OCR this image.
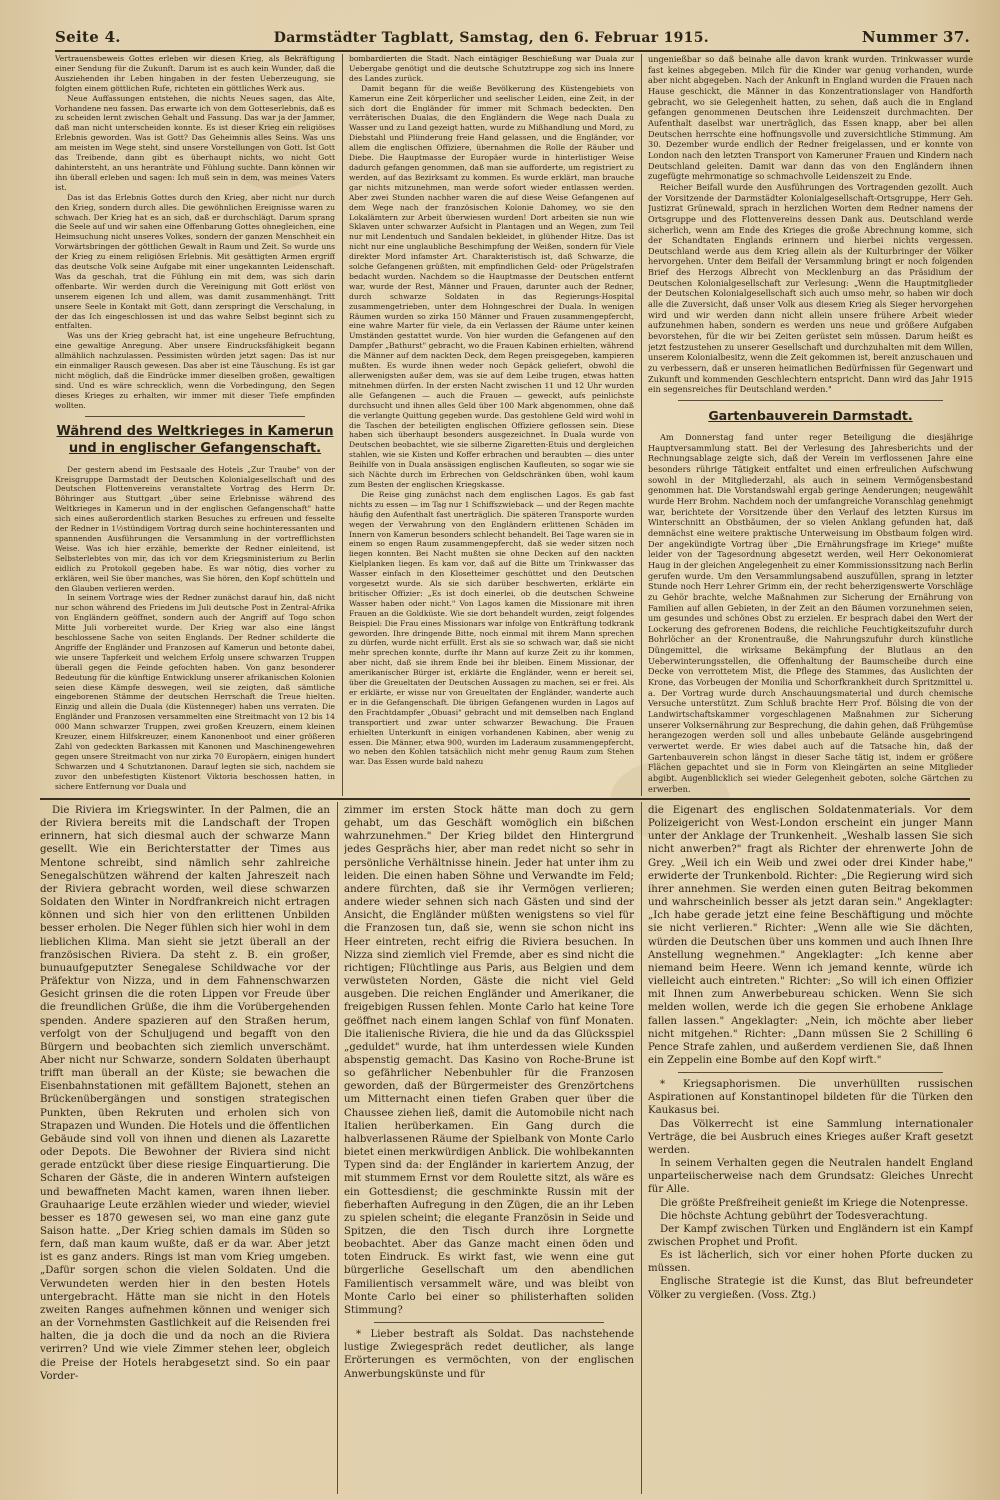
Seite 4.	Darmstädter Tagblatt, Samstag, den 6. Februar 1915.	Nummer 37.

Vertrauensbeweis Gottes erleben wir diesen Krieg, als Bekräftigung einer Sendung für die Zukunft. Darum ist es auch kein Wunder, daß die Ausziehenden ihr Leben hingaben in der festen Ueberzeugung, sie folgten einem göttlichen Rufe, richteten ein göttliches Werk aus.

Neue Auffassungen entstehen, die nichts Neues sagen, das Alte, Vorhandene neu fassen. Das erwarte ich von dem Gotteserlebnis, daß es zu scheiden lernt zwischen Gehalt und Fassung. Das war ja der Jammer, daß man nicht unterscheiden konnte. Es ist dieser Krieg ein religiöses Erlebnis geworden. Was ist Gott? Das Geheimnis alles Seins. Was uns am meisten im Wege steht, sind unsere Vorstellungen von Gott. Ist Gott das Treibende, dann gibt es überhaupt nichts, wo nicht Gott dahintersteht, an uns heranträte und Fühlung suchte. Dann können wir ihn überall erleben und sagen: Ich muß sein in dem, was meines Vaters ist.

Das ist das Erlebnis Gottes durch den Krieg, aber nicht nur durch den Krieg, sondern durch alles. Die gewöhnlichen Ereignisse waren zu schwach. Der Krieg hat es an sich, daß er durchschlägt. Darum sprang die Seele auf und wir sahen eine Offenbarung Gottes ohnegleichen, eine Heimsuchung nicht unseres Volkes, sondern der ganzen Menschheit ein Vorwärtsbringen der göttlichen Gewalt in Raum und Zeit. So wurde uns der Krieg zu einem religiösen Erlebnis. Mit gesättigten Armen ergriff das deutsche Volk seine Aufgabe mit einer ungekannten Leidenschaft. Was da geschah, trat die Fühlung ein mit dem, was sich darin offenbarte. Wir werden durch die Vereinigung mit Gott erlöst von unserem eigenen Ich und allem, was damit zusammenhängt. Tritt unsere Seele in Kontakt mit Gott, dann zerspringt die Verschalung, in der das Ich eingeschlossen ist und das wahre Selbst beginnt sich zu entfalten.

Was uns der Krieg gebracht hat, ist eine ungeheure Befruchtung, eine gewaltige Anregung. Aber unsere Eindrucksfähigkeit begann allmählich nachzulassen. Pessimisten würden jetzt sagen: Das ist nur ein einmaliger Rausch gewesen. Das aber ist eine Täuschung. Es ist gar nicht möglich, daß die Eindrücke immer dieselben großen, gewaltigen sind. Und es wäre schrecklich, wenn die Vorbedingung, den Segen dieses Krieges zu erhalten, wir immer mit dieser Tiefe empfinden wollten.

Während des Weltkrieges in Kamerun und in englischer Gefangenschaft.

Der gestern abend im Festsaale des Hotels „Zur Traube" von der Kreisgruppe Darmstadt der Deutschen Kolonialgesellschaft und des Deutschen Flottenvereins veranstaltete Vortrag des Herrn Dr. Böhringer aus Stuttgart „über seine Erlebnisse während des Weltkrieges in Kamerun und in der englischen Gefangenschaft" hatte sich eines außerordentlich starken Besuches zu erfreuen und fesselte der Redner in 1½stündigem Vortrag durch seine hochinteressanten und spannenden Ausführungen die Versammlung in der vortrefflichsten Weise. Was ich hier erzähle, bemerkte der Redner einleitend, ist Selbsterlebtes von mir, das ich vor dem Kriegsministerium zu Berlin eidlich zu Protokoll gegeben habe. Es war nötig, dies vorher zu erklären, weil Sie über manches, was Sie hören, den Kopf schütteln und den Glauben verlieren werden.

In seinem Vortrage wies der Redner zunächst darauf hin, daß nicht nur schon während des Friedens im Juli deutsche Post in Zentral-Afrika von Engländern geöffnet, sondern auch der Angriff auf Togo schon Mitte Juli vorbereitet wurde. Der Krieg war also eine längst beschlossene Sache von seiten Englands. Der Redner schilderte die Angriffe der Engländer und Franzosen auf Kamerun und betonte dabei, wie unsere Tapferkeit und welchem Erfolg unsere schwarzen Truppen überall gegen die Feinde gefochten haben. Von ganz besonderer Bedeutung für die künftige Entwicklung unserer afrikanischen Kolonien seien diese Kämpfe deswegen, weil sie zeigten, daß sämtliche eingeborenen Stämme der deutschen Herrschaft die Treue hielten. Einzig und allein die Duala (die Küstenneger) haben uns verraten. Die Engländer und Franzosen versammelten eine Streitmacht von 12 bis 14 000 Mann schwarzer Truppen, zwei großen Kreuzern, einem kleinen Kreuzer, einem Hilfskreuzer, einem Kanonenboot und einer größeren Zahl von gedeckten Barkassen mit Kanonen und Maschinengewehren gegen unsere Streitmacht von nur zirka 70 Europäern, einigen hundert Schwarzen und 4 Schutztanonen. Darauf legten sie sich, nachdem sie zuvor den unbefestigten Küstenort Viktoria beschossen hatten, in sichere Entfernung vor Duala und

bombardierten die Stadt. Nach eintägiger Beschießung war Duala zur Uebergabe genötigt und die deutsche Schutztruppe zog sich ins Innere des Landes zurück.

Damit begann für die weiße Bevölkerung des Küstengebiets von Kamerun eine Zeit körperlicher und seelischer Leiden, eine Zeit, in der sich dort die Engländer für immer mit Schmach bedeckten. Den verräterischen Dualas, die den Engländern die Wege nach Duala zu Wasser und zu Land gezeigt hatten, wurde zu Mißhandlung und Mord, zu Diebstahl und Plünderung freie Hand gelassen, und die Engländer, vor allem die englischen Offiziere, übernahmen die Rolle der Räuber und Diebe. Die Hauptmasse der Europäer wurde in hinterlistiger Weise dadurch gefangen genommen, daß man sie aufforderte, um registriert zu werden, auf das Bezirksamt zu kommen. Es wurde erklärt, man brauche gar nichts mitzunehmen, man werde sofort wieder entlassen werden. Aber zwei Stunden nachher waren die auf diese Weise Gefangenen auf dem Wege nach der französischen Kolonie Dahomey, wo sie den Lokalämtern zur Arbeit überwiesen wurden! Dort arbeiten sie nun wie Sklaven unter schwarzer Aufsicht in Plantagen und an Wegen, zum Teil nur mit Lendentuch und Sandalen bekleidet, in glühender Hitze. Das ist nicht nur eine unglaubliche Beschimpfung der Weißen, sondern für Viele direkter Mord infamster Art. Charakteristisch ist, daß Schwarze, die solche Gefangenen grüßten, mit empfindlichen Geld- oder Prügelstrafen bedacht wurden. Nachdem so die Hauptmasse der Deutschen entfernt war, wurde der Rest, Männer und Frauen, darunter auch der Redner, durch schwarze Soldaten in das Regierungs-Hospital zusammengetrieben, unter dem Hohngeschrei der Duala. In wenigen Räumen wurden so zirka 150 Männer und Frauen zusammengepfercht, eine wahre Marter für viele, da ein Verlassen der Räume unter keinen Umständen gestattet wurde. Von hier wurden die Gefangenen auf den Dampfer „Bathurst" gebracht, wo die Frauen Kabinen erhielten, während die Männer auf dem nackten Deck, dem Regen preisgegeben, kampieren mußten. Es wurde ihnen weder noch Gepäck geliefert, obwohl die allerwenigsten außer dem, was sie auf dem Leibe trugen, etwas hatten mitnehmen dürfen. In der ersten Nacht zwischen 11 und 12 Uhr wurden alle Gefangenen — auch die Frauen — geweckt, aufs peinlichste durchsucht und ihnen alles Geld über 100 Mark abgenommen, ohne daß die verlangte Quittung gegeben wurde. Das gestohlene Geld wird wohl in die Taschen der beteiligten englischen Offiziere geflossen sein. Diese haben sich überhaupt besonders ausgezeichnet. In Duala wurde von Deutschen beobachtet, wie sie silberne Zigaretten-Etuis und dergleichen stahlen, wie sie Kisten und Koffer erbrachen und beraubten — dies unter Beihilfe von in Duala ansässigen englischen Kaufleuten, so sogar wie sie sich Nächte durch im Erbrechen von Geldschränken üben, wohl kaum zum Besten der englischen Kriegskasse.

Die Reise ging zunächst nach dem englischen Lagos. Es gab fast nichts zu essen — im Tag nur 1 Schiffszwieback — und der Regen machte häufig den Aufenthalt fast unerträglich. Die späteren Transporte wurden wegen der Verwahrung von den Engländern erlittenen Schäden im Innern von Kamerun besonders schlecht behandelt. Bei Tage waren sie in einem so engen Raum zusammengepfercht, daß sie weder sitzen noch liegen konnten. Bei Nacht mußten sie ohne Decken auf den nackten Kielplanken liegen. Es kam vor, daß auf die Bitte um Trinkwasser das Wasser einfach in den Klosetteimer geschüttet und den Deutschen vorgesetzt wurde. Als sie sich darüber beschwerten, erklärte ein britischer Offizier: „Es ist doch einerlei, ob die deutschen Schweine Wasser haben oder nicht." Von Lagos kamen die Missionare mit ihren Frauen an die Goldküste. Wie sie dort behandelt wurden, zeigt folgendes Beispiel: Die Frau eines Missionars war infolge von Entkräftung todkrank geworden. Ihre dringende Bitte, noch einmal mit ihrem Mann sprechen zu dürfen, wurde nicht erfüllt. Erst als sie so schwach war, daß sie nicht mehr sprechen konnte, durfte ihr Mann auf kurze Zeit zu ihr kommen, aber nicht, daß sie ihrem Ende bei ihr bleiben. Einem Missionar, der amerikanischer Bürger ist, erklärte die Engländer, wenn er bereit sei, über die Greueltaten der Deutschen Aussagen zu machen, sei er frei. Als er erklärte, er wisse nur von Greueltaten der Engländer, wanderte auch er in die Gefangenschaft. Die übrigen Gefangenen wurden in Lagos auf den Frachtdampfer „Obuasi" gebracht und mit demselben nach England transportiert und zwar unter schwarzer Bewachung. Die Frauen erhielten Unterkunft in einigen vorhandenen Kabinen, aber wenig zu essen. Die Männer, etwa 900, wurden im Laderaum zusammengepfercht, wo neben den Kohlen tatsächlich nicht mehr genug Raum zum Stehen war. Das Essen wurde bald nahezu

ungenießbar so daß beinahe alle davon krank wurden. Trinkwasser wurde fast keines abgegeben. Milch für die Kinder war genug vorhanden, wurde aber nicht abgegeben. Nach der Ankunft in England wurden die Frauen nach Hause geschickt, die Männer in das Konzentrationslager von Handforth gebracht, wo sie Gelegenheit hatten, zu sehen, daß auch die in England gefangen genommenen Deutschen ihre Leidenszeit durchmachten. Der Aufenthalt daselbst war unerträglich, das Essen knapp, aber bei allen Deutschen herrschte eine hoffnungsvolle und zuversichtliche Stimmung. Am 30. Dezember wurde endlich der Redner freigelassen, und er konnte von London nach den letzten Transport von Kameruner Frauen und Kindern nach Deutschland geleiten. Damit war dann das von den Engländern ihnen zugefügte mehrmonatige so schmachvolle Leidenszeit zu Ende.

Reicher Beifall wurde den Ausführungen des Vortragenden gezollt. Auch der Vorsitzende der Darmstädter Kolonialgesellschaft-Ortsgruppe, Herr Geh. Justizrat Grünewald, sprach in herzlichen Worten dem Redner namens der Ortsgruppe und des Flottenvereins dessen Dank aus. Deutschland werde sicherlich, wenn am Ende des Krieges die große Abrechnung komme, sich der Schandtaten Englands erinnern und hierbei nichts vergessen. Deutschland werde aus dem Krieg allein als der Kulturbringer der Völker hervorgehen. Unter dem Beifall der Versammlung bringt er noch folgenden Brief des Herzogs Albrecht von Mecklenburg an das Präsidium der Deutschen Kolonialgesellschaft zur Verlesung: „Wenn die Hauptmitglieder der Deutschen Kolonialgesellschaft sich auch umso mehr, so haben wir doch alle die Zuversicht, daß unser Volk aus diesem Krieg als Sieger hervorgehen wird und wir werden dann nicht allein unsere frühere Arbeit wieder aufzunehmen haben, sondern es werden uns neue und größere Aufgaben bevorstehen, für die wir bei Zeiten gerüstet sein müssen. Darum heißt es jetzt festzustehen zu unserer Gesellschaft und durchzuhalten mit dem Willen, unserem Kolonialbesitz, wenn die Zeit gekommen ist, bereit anzuschauen und zu verbessern, daß er unseren heimatlichen Bedürfnissen für Gegenwart und Zukunft und kommenden Geschlechtern entspricht. Dann wird das Jahr 1915 ein segensreiches für Deutschland werden."

Gartenbauverein Darmstadt.

Am Donnerstag fand unter reger Beteiligung die diesjährige Hauptversammlung statt. Bei der Verlesung des Jahresberichts und der Rechnungsablage zeigte sich, daß der Verein im verflossenen Jahre eine besonders rührige Tätigkeit entfaltet und einen erfreulichen Aufschwung sowohl in der Mitgliederzahl, als auch in seinem Vermögensbestand genommen hat. Die Vorstandswahl ergab geringe Aenderungen; neugewählt wurde Herr Brohm. Nachdem noch der umfangreiche Voranschlag genehmigt war, berichtete der Vorsitzende über den Verlauf des letzten Kursus im Winterschnitt an Obstbäumen, der so vielen Anklang gefunden hat, daß demnächst eine weitere praktische Unterweisung im Obstbaum folgen wird. Der angekündigte Vortrag über „Die Ernährungsfrage im Kriege" mußte leider von der Tagesordnung abgesetzt werden, weil Herr Oekonomierat Haug in der gleichen Angelegenheit zu einer Kommissionssitzung nach Berlin gerufen wurde. Um den Versammlungsabend auszufüllen, sprang in letzter Stunde noch Herr Lehrer Grimm ein, der recht beherzigenswerte Vorschläge zu Gehör brachte, welche Maßnahmen zur Sicherung der Ernährung von Familien auf allen Gebieten, in der Zeit an den Bäumen vorzunehmen seien, um gesundes und schönes Obst zu erzielen. Er besprach dabei den Wert der Lockerung des gefrorenen Bodens, die reichliche Feuchtigkeitszufuhr durch Bohrlöcher an der Kronentrauße, die Nahrungszufuhr durch künstliche Düngemittel, die wirksame Bekämpfung der Blutlaus an den Ueberwinterungsstellen, die Offenhaltung der Baumscheibe durch eine Decke von verrottetem Mist, die Pflege des Stammes, das Auslichten der Krone, das Vorbeugen der Monilia und Schorfkrankheit durch Spritzmittel u. a. Der Vortrag wurde durch Anschauungsmaterial und durch chemische Versuche unterstützt. Zum Schluß brachte Herr Prof. Bölsing die von der Landwirtschaftskammer vorgeschlagenen Maßnahmen zur Sicherung unserer Volksernährung zur Besprechung, die dahin gehen, daß Frühgemüse herangezogen werden soll und alles unbebaute Gelände ausgebringend verwertet werde. Er wies dabei auch auf die Tatsache hin, daß der Gartenbauverein schon längst in dieser Sache tätig ist, indem er größere Flächen gepachtet und sie in Form von Kleingärten an seine Mitglieder abgibt. Augenblicklich sei wieder Gelegenheit geboten, solche Gärtchen zu erwerben.

Die Riviera im Kriegswinter. In der Palmen, die an der Riviera bereits mit die Landschaft der Tropen erinnern, hat sich diesmal auch der schwarze Mann gesellt. Wie ein Berichterstatter der Times aus Mentone schreibt, sind nämlich sehr zahlreiche Senegalschützen während der kalten Jahreszeit nach der Riviera gebracht worden, weil diese schwarzen Soldaten den Winter in Nordfrankreich nicht ertragen können und sich hier von den erlittenen Unbilden besser erholen. Die Neger fühlen sich hier wohl in dem lieblichen Klima. Man sieht sie jetzt überall an der französischen Riviera. Da steht z. B. ein großer, bunuaufgeputzter Senegalese Schildwache vor der Präfektur von Nizza, und in dem Fahnenschwarzen Gesicht grinsen die die roten Lippen vor Freude über die freundlichen Grüße, die ihm die Vorübergehenden spenden. Andere spazieren auf den Straßen herum, verfolgt von der Schuljugend und begafft von den Bürgern und beobachten sich ziemlich unverschämt. Aber nicht nur Schwarze, sondern Soldaten überhaupt trifft man überall an der Küste; sie bewachen die Eisenbahnstationen mit gefälltem Bajonett, stehen an Brückenübergängen und sonstigen strategischen Punkten, üben Rekruten und erholen sich von Strapazen und Wunden. Die Hotels und die öffentlichen Gebäude sind voll von ihnen und dienen als Lazarette oder Depots. Die Bewohner der Riviera sind nicht gerade entzückt über diese riesige Einquartierung. Die Scharen der Gäste, die in anderen Wintern aufsteigen und bewaffneten Macht kamen, waren ihnen lieber. Grauhaarige Leute erzählen wieder und wieder, wieviel besser es 1870 gewesen sei, wo man eine ganz gute Saison hatte. „Der Krieg schien damals im Süden so fern, daß man kaum wußte, daß er da war. Aber jetzt ist es ganz anders. Rings ist man vom Krieg umgeben. „Dafür sorgen schon die vielen Soldaten. Und die Verwundeten werden hier in den besten Hotels untergebracht. Hätte man sie nicht in den Hotels zweiten Ranges aufnehmen können und weniger sich an der Vornehmsten Gastlichkeit auf die Reisenden frei halten, die ja doch die und da noch an die Riviera verirren? Und wie viele Zimmer stehen leer, obgleich die Preise der Hotels herabgesetzt sind. So ein paar Vorder-

zimmer im ersten Stock hätte man doch zu gern gehabt, um das Geschäft womöglich ein bißchen wahrzunehmen." Der Krieg bildet den Hintergrund jedes Gesprächs hier, aber man redet nicht so sehr in persönliche Verhältnisse hinein. Jeder hat unter ihm zu leiden. Die einen haben Söhne und Verwandte im Feld; andere fürchten, daß sie ihr Vermögen verlieren; andere wieder sehnen sich nach Gästen und sind der Ansicht, die Engländer müßten wenigstens so viel für die Franzosen tun, daß sie, wenn sie schon nicht ins Heer eintreten, recht eifrig die Riviera besuchen. In Nizza sind ziemlich viel Fremde, aber es sind nicht die richtigen; Flüchtlinge aus Paris, aus Belgien und dem verwüsteten Norden, Gäste die nicht viel Geld ausgeben. Die reichen Engländer und Amerikaner, die freigebigen Russen fehlen. Monte Carlo hat keine Tore geöffnet nach einem langen Schlaf von fünf Monaten. Die italienische Riviera, die hie und da das Glücksspiel „geduldet" wurde, hat ihm unterdessen wiele Kunden abspenstig gemacht. Das Kasino von Roche-Brune ist so gefährlicher Nebenbuhler für die Franzosen geworden, daß der Bürgermeister des Grenzörtchens um Mitternacht einen tiefen Graben quer über die Chaussee ziehen ließ, damit die Automobile nicht nach Italien herüberkamen. Ein Gang durch die halbverlassenen Räume der Spielbank von Monte Carlo bietet einen merkwürdigen Anblick. Die wohlbekannten Typen sind da: der Engländer in kariertem Anzug, der mit stummem Ernst vor dem Roulette sitzt, als wäre es ein Gottesdienst; die geschminkte Russin mit der fieberhaften Aufregung in den Zügen, die an ihr Leben zu spielen scheint; die elegante Französin in Seide und Spitzen, die den Tisch durch ihre Lorgnette beobachtet. Aber das Ganze macht einen öden und toten Eindruck. Es wirkt fast, wie wenn eine gut bürgerliche Gesellschaft um den abendlichen Familientisch versammelt wäre, und was bleibt von Monte Carlo bei einer so philisterhaften soliden Stimmung?

* Lieber bestraft als Soldat. Das nachstehende lustige Zwiegespräch redet deutlicher, als lange Erörterungen es vermöchten, von der englischen Anwerbungskünste und für

die Eigenart des englischen Soldatenmaterials. Vor dem Polizeigericht von West-London erscheint ein junger Mann unter der Anklage der Trunkenheit. „Weshalb lassen Sie sich nicht anwerben?" fragt als Richter der ehrenwerte John de Grey. „Weil ich ein Weib und zwei oder drei Kinder habe," erwiderte der Trunkenbold. Richter: „Die Regierung wird sich ihrer annehmen. Sie werden einen guten Beitrag bekommen und wahrscheinlich besser als jetzt daran sein." Angeklagter: „Ich habe gerade jetzt eine feine Beschäftigung und möchte sie nicht verlieren." Richter: „Wenn alle wie Sie dächten, würden die Deutschen über uns kommen und auch Ihnen Ihre Anstellung wegnehmen." Angeklagter: „Ich kenne aber niemand beim Heere. Wenn ich jemand kennte, würde ich vielleicht auch eintreten." Richter: „So will ich einen Offizier mit Ihnen zum Anwerbebureau schicken. Wenn Sie sich melden wollen, werde ich die gegen Sie erhobene Anklage fallen lassen." Angeklagter: „Nein, ich möchte aber lieber nicht mitgehen." Richter: „Dann müssen Sie 2 Schilling 6 Pence Strafe zahlen, und außerdem verdienen Sie, daß Ihnen ein Zeppelin eine Bombe auf den Kopf wirft."

* Kriegsaphorismen. Die unverhüllten russischen Aspirationen auf Konstantinopel bildeten für die Türken den Kaukasus bei.

Das Völkerrecht ist eine Sammlung internationaler Verträge, die bei Ausbruch eines Krieges außer Kraft gesetzt werden.

In seinem Verhalten gegen die Neutralen handelt England unparteiischerweise nach dem Grundsatz: Gleiches Unrecht für Alle.

Die größte Preßfreiheit genießt im Kriege die Notenpresse.

Die höchste Achtung gebührt der Todesverachtung.

Der Kampf zwischen Türken und Engländern ist ein Kampf zwischen Prophet und Profit.

Es ist lächerlich, sich vor einer hohen Pforte ducken zu müssen.

Englische Strategie ist die Kunst, das Blut befreundeter Völker zu vergießen. (Voss. Ztg.)
